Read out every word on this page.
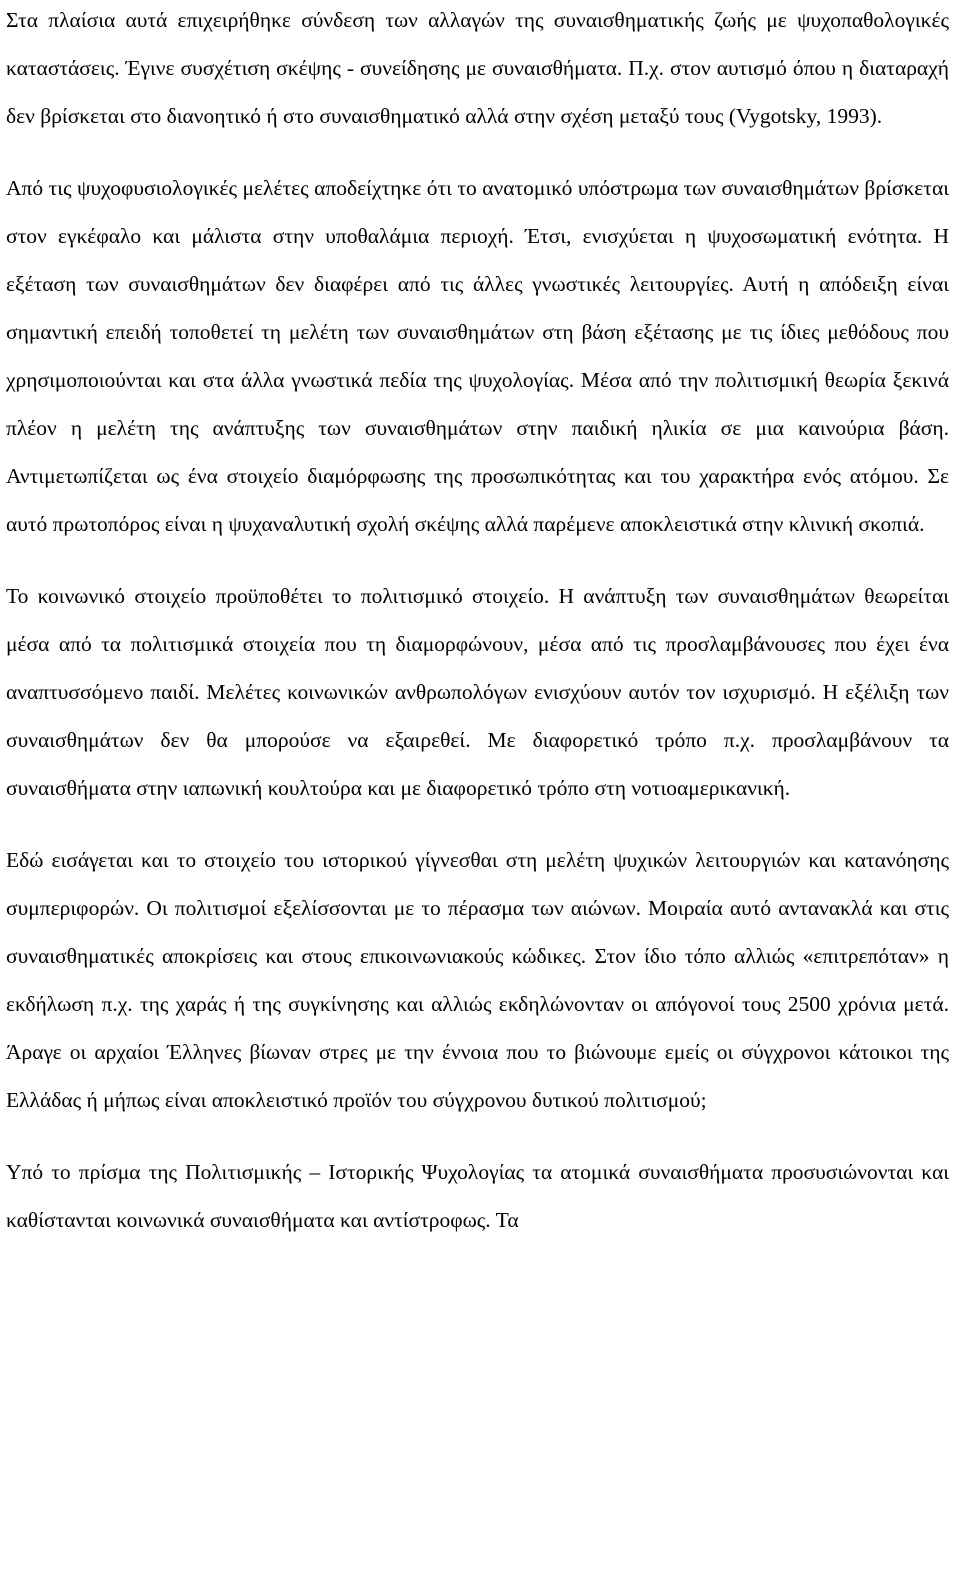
Στα πλαίσια αυτά επιχειρήθηκε σύνδεση των αλλαγών της συναισθηματικής ζωής με ψυχοπαθολογικές καταστάσεις. Έγινε συσχέτιση σκέψης - συνείδησης με συναισθήματα. Π.χ. στον αυτισμό όπου η διαταραχή δεν βρίσκεται στο διανοητικό ή στο συναισθηματικό αλλά στην σχέση μεταξύ τους (Vygotsky, 1993).

Από τις ψυχοφυσιολογικές μελέτες αποδείχτηκε ότι το ανατομικό υπόστρωμα των συναισθημάτων βρίσκεται στον εγκέφαλο και μάλιστα στην υποθαλάμια περιοχή. Έτσι, ενισχύεται η ψυχοσωματική ενότητα. Η εξέταση των συναισθημάτων δεν διαφέρει από τις άλλες γνωστικές λειτουργίες. Αυτή η απόδειξη είναι σημαντική επειδή τοποθετεί τη μελέτη των συναισθημάτων στη βάση εξέτασης με τις ίδιες μεθόδους που χρησιμοποιούνται και στα άλλα γνωστικά πεδία της ψυχολογίας. Μέσα από την πολιτισμική θεωρία ξεκινά πλέον η μελέτη της ανάπτυξης των συναισθημάτων στην παιδική ηλικία σε μια καινούρια βάση. Αντιμετωπίζεται ως ένα στοιχείο διαμόρφωσης της προσωπικότητας και του χαρακτήρα ενός ατόμου. Σε αυτό πρωτοπόρος είναι η ψυχαναλυτική σχολή σκέψης αλλά παρέμενε αποκλειστικά στην κλινική σκοπιά.

Το κοινωνικό στοιχείο προϋποθέτει το πολιτισμικό στοιχείο. Η ανάπτυξη των συναισθημάτων θεωρείται μέσα από τα πολιτισμικά στοιχεία που τη διαμορφώνουν, μέσα από τις προσλαμβάνουσες που έχει ένα αναπτυσσόμενο παιδί. Μελέτες κοινωνικών ανθρωπολόγων ενισχύουν αυτόν τον ισχυρισμό. Η εξέλιξη των συναισθημάτων δεν θα μπορούσε να εξαιρεθεί. Με διαφορετικό τρόπο π.χ. προσλαμβάνουν τα συναισθήματα στην ιαπωνική κουλτούρα και με διαφορετικό τρόπο στη νοτιοαμερικανική.

Εδώ εισάγεται και το στοιχείο του ιστορικού γίγνεσθαι στη μελέτη ψυχικών λειτουργιών και κατανόησης συμπεριφορών. Οι πολιτισμοί εξελίσσονται με το πέρασμα των αιώνων. Μοιραία αυτό αντανακλά και στις συναισθηματικές αποκρίσεις και στους επικοινωνιακούς κώδικες. Στον ίδιο τόπο αλλιώς «επιτρεπόταν» η εκδήλωση π.χ. της χαράς ή της συγκίνησης και αλλιώς εκδηλώνονταν οι απόγονοί τους 2500 χρόνια μετά. Άραγε οι αρχαίοι Έλληνες βίωναν στρες με την έννοια που το βιώνουμε εμείς οι σύγχρονοι κάτοικοι της Ελλάδας ή μήπως είναι αποκλειστικό προϊόν του σύγχρονου δυτικού πολιτισμού;

Υπό το πρίσμα της Πολιτισμικής – Ιστορικής Ψυχολογίας τα ατομικά συναισθήματα προσυσιώνονται και καθίστανται κοινωνικά συναισθήματα και αντίστροφως. Τα
